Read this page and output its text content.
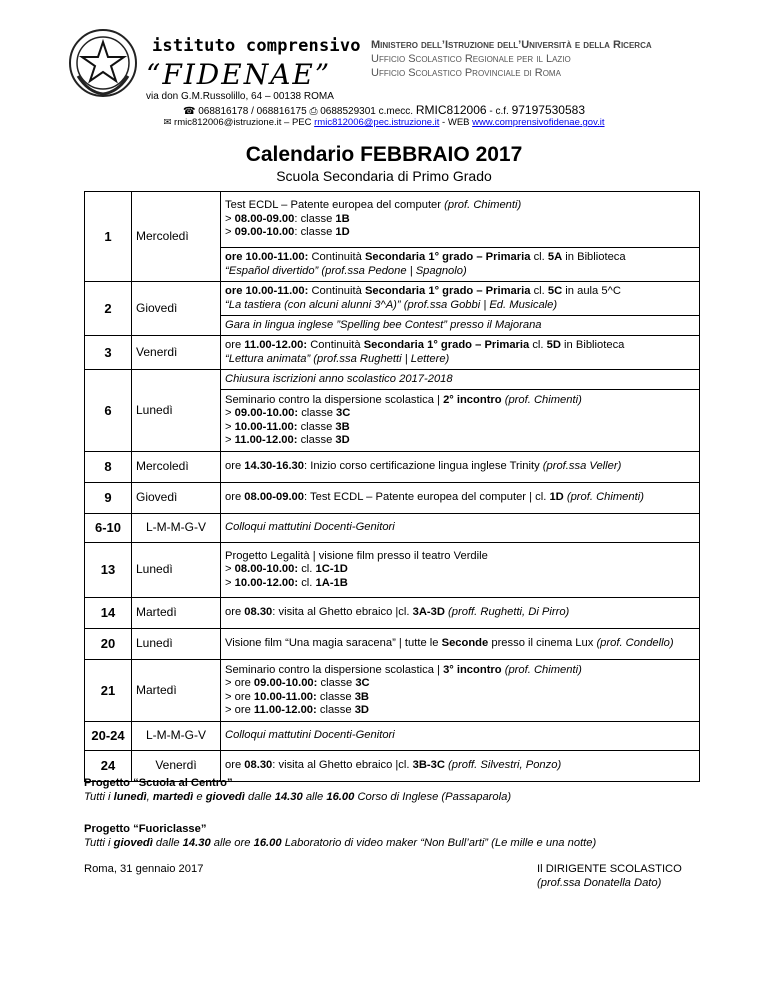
istituto comprensivo
“FIDENAE”
via don G.M.Russolillo, 64 – 00138 ROMA
Ministero dell’Istruzione dell’Università e della Ricerca
Ufficio Scolastico Regionale per il Lazio
Ufficio Scolastico Provinciale di Roma
☎ 068816178 / 068816175 ⎙ 0688529301 c.mecc. RMIC812006 - c.f. 97197530583
✉ rmic812006@istruzione.it – PEC rmic812006@pec.istruzione.it - WEB www.comprensivofidenae.gov.it
Calendario FEBBRAIO 2017
Scuola Secondaria di Primo Grado
1	Mercoledì	Test ECDL – Patente europea del computer (prof. Chimenti)
> 08.00-09.00: classe 1B
> 09.00-10.00: classe 1D
		ore 10.00-11.00: Continuità Secondaria 1° grado – Primaria cl. 5A in Biblioteca
“Español divertido” (prof.ssa Pedone | Spagnolo)
2	Giovedì	ore 10.00-11.00: Continuità Secondaria 1° grado – Primaria cl. 5C in aula 5^C
“La tastiera (con alcuni alunni 3^A)” (prof.ssa Gobbi | Ed. Musicale)
		Gara in lingua inglese ”Spelling bee Contest” presso il Majorana
3	Venerdì	ore 11.00-12.00: Continuità Secondaria 1° grado – Primaria cl. 5D in Biblioteca
“Lettura animata” (prof.ssa Rughetti | Lettere)
6	Lunedì	Chiusura iscrizioni anno scolastico 2017-2018
		Seminario contro la dispersione scolastica | 2° incontro (prof. Chimenti)
> 09.00-10.00: classe 3C
> 10.00-11.00: classe 3B
> 11.00-12.00: classe 3D
8	Mercoledì	ore 14.30-16.30: Inizio corso certificazione lingua inglese Trinity (prof.ssa Veller)
9	Giovedì	ore 08.00-09.00: Test ECDL – Patente europea del computer | cl. 1D (prof. Chimenti)
6-10	L-M-M-G-V	Colloqui mattutini Docenti-Genitori
13	Lunedì	Progetto Legalità | visione film presso il teatro Verdile
> 08.00-10.00: cl. 1C-1D
> 10.00-12.00: cl. 1A-1B
14	Martedì	ore 08.30: visita al Ghetto ebraico |cl. 3A-3D (proff. Rughetti, Di Pirro)
20	Lunedì	Visione film “Una magia saracena” | tutte le Seconde presso il cinema Lux (prof. Condello)
21	Martedì	Seminario contro la dispersione scolastica | 3° incontro (prof. Chimenti)
> ore 09.00-10.00: classe 3C
> ore 10.00-11.00: classe 3B
> ore 11.00-12.00: classe 3D
20-24	L-M-M-G-V	Colloqui mattutini Docenti-Genitori
24	Venerdì	ore 08.30: visita al Ghetto ebraico |cl. 3B-3C (proff. Silvestri, Ponzo)
Progetto “Scuola al Centro”
Tutti i lunedì, martedì e giovedì dalle 14.30 alle 16.00 Corso di Inglese (Passaparola)
Progetto “Fuoriclasse”
Tutti i giovedì dalle 14.30 alle ore 16.00 Laboratorio di video maker “Non Bull’arti” (Le mille e una notte)
Roma, 31 gennaio 2017	Il DIRIGENTE SCOLASTICO
(prof.ssa Donatella Dato)
